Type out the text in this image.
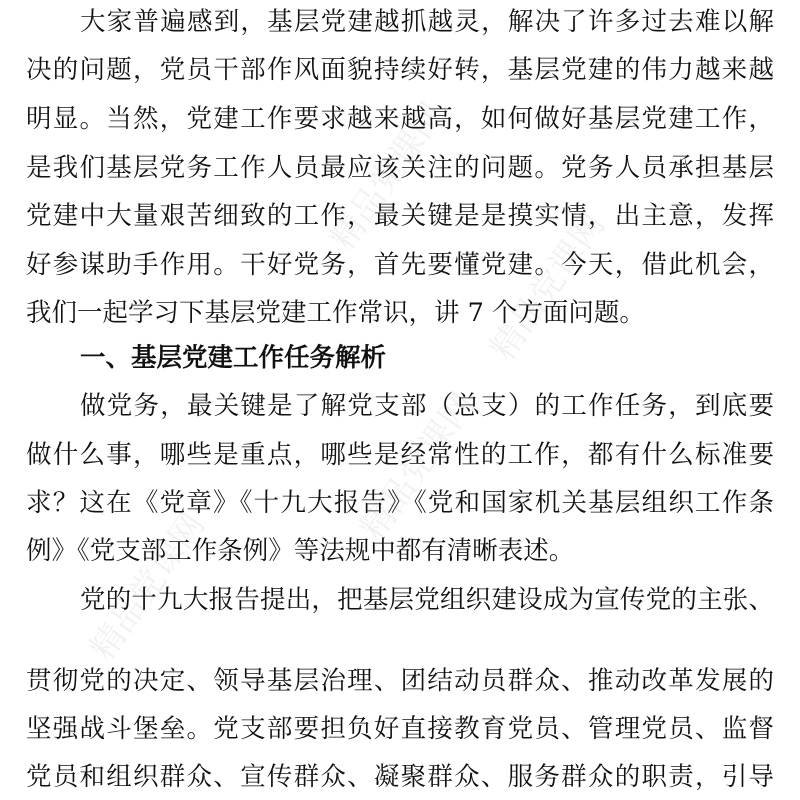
精品党课网
精品党课网
精品党课网
精品党课网
大家普遍感到，基层党建越抓越灵，解决了许多过去难以解
决的问题，党员干部作风面貌持续好转，基层党建的伟力越来越
明显。当然，党建工作要求越来越高，如何做好基层党建工作，
是我们基层党务工作人员最应该关注的问题。党务人员承担基层
党建中大量艰苦细致的工作，最关键是是摸实情，出主意，发挥
好参谋助手作用。干好党务，首先要懂党建。今天，借此机会，
我们一起学习下基层党建工作常识，讲 7 个方面问题。
一、基层党建工作任务解析
做党务，最关键是了解党支部（总支）的工作任务，到底要
做什么事，哪些是重点，哪些是经常性的工作，都有什么标准要
求？这在《党章》《十九大报告》《党和国家机关基层组织工作条
例》《党支部工作条例》等法规中都有清晰表述。
党的十九大报告提出，把基层党组织建设成为宣传党的主张、
贯彻党的决定、领导基层治理、团结动员群众、推动改革发展的
坚强战斗堡垒。党支部要担负好直接教育党员、管理党员、监督
党员和组织群众、宣传群众、凝聚群众、服务群众的职责，引导
